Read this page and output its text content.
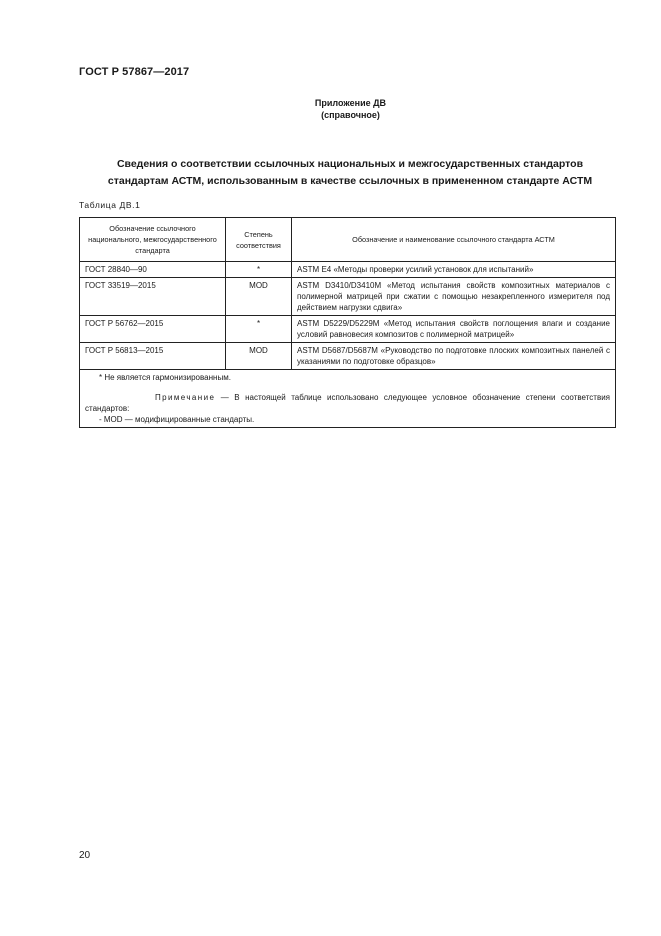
ГОСТ Р 57867—2017
Приложение ДВ
(справочное)
Сведения о соответствии ссылочных национальных и межгосударственных стандартов
стандартам АСТМ, использованным в качестве ссылочных в примененном стандарте АСТМ
Таблица ДВ.1
Обозначение ссылочного национального, межгосударственного стандарта	Степень соответствия	Обозначение и наименование ссылочного стандарта АСТМ
ГОСТ 28840—90	*	ASTM E4 «Методы проверки усилий установок для испытаний»
ГОСТ 33519—2015	MOD	ASTM D3410/D3410M «Метод испытания свойств композитных материалов с полимерной матрицей при сжатии с помощью незакрепленного измерителя под действием нагрузки сдвига»
ГОСТ Р 56762—2015	*	ASTM D5229/D5229M «Метод испытания свойств поглощения влаги и создание условий равновесия композитов с полимерной матрицей»
ГОСТ Р 56813—2015	MOD	ASTM D5687/D5687M «Руководство по подготовке плоских композитных панелей с указаниями по подготовке образцов»

* Не является гармонизированным.
Примечание — В настоящей таблице использовано следующее условное обозначение степени соответствия стандартов:
- MOD — модифицированные стандарты.		
20
